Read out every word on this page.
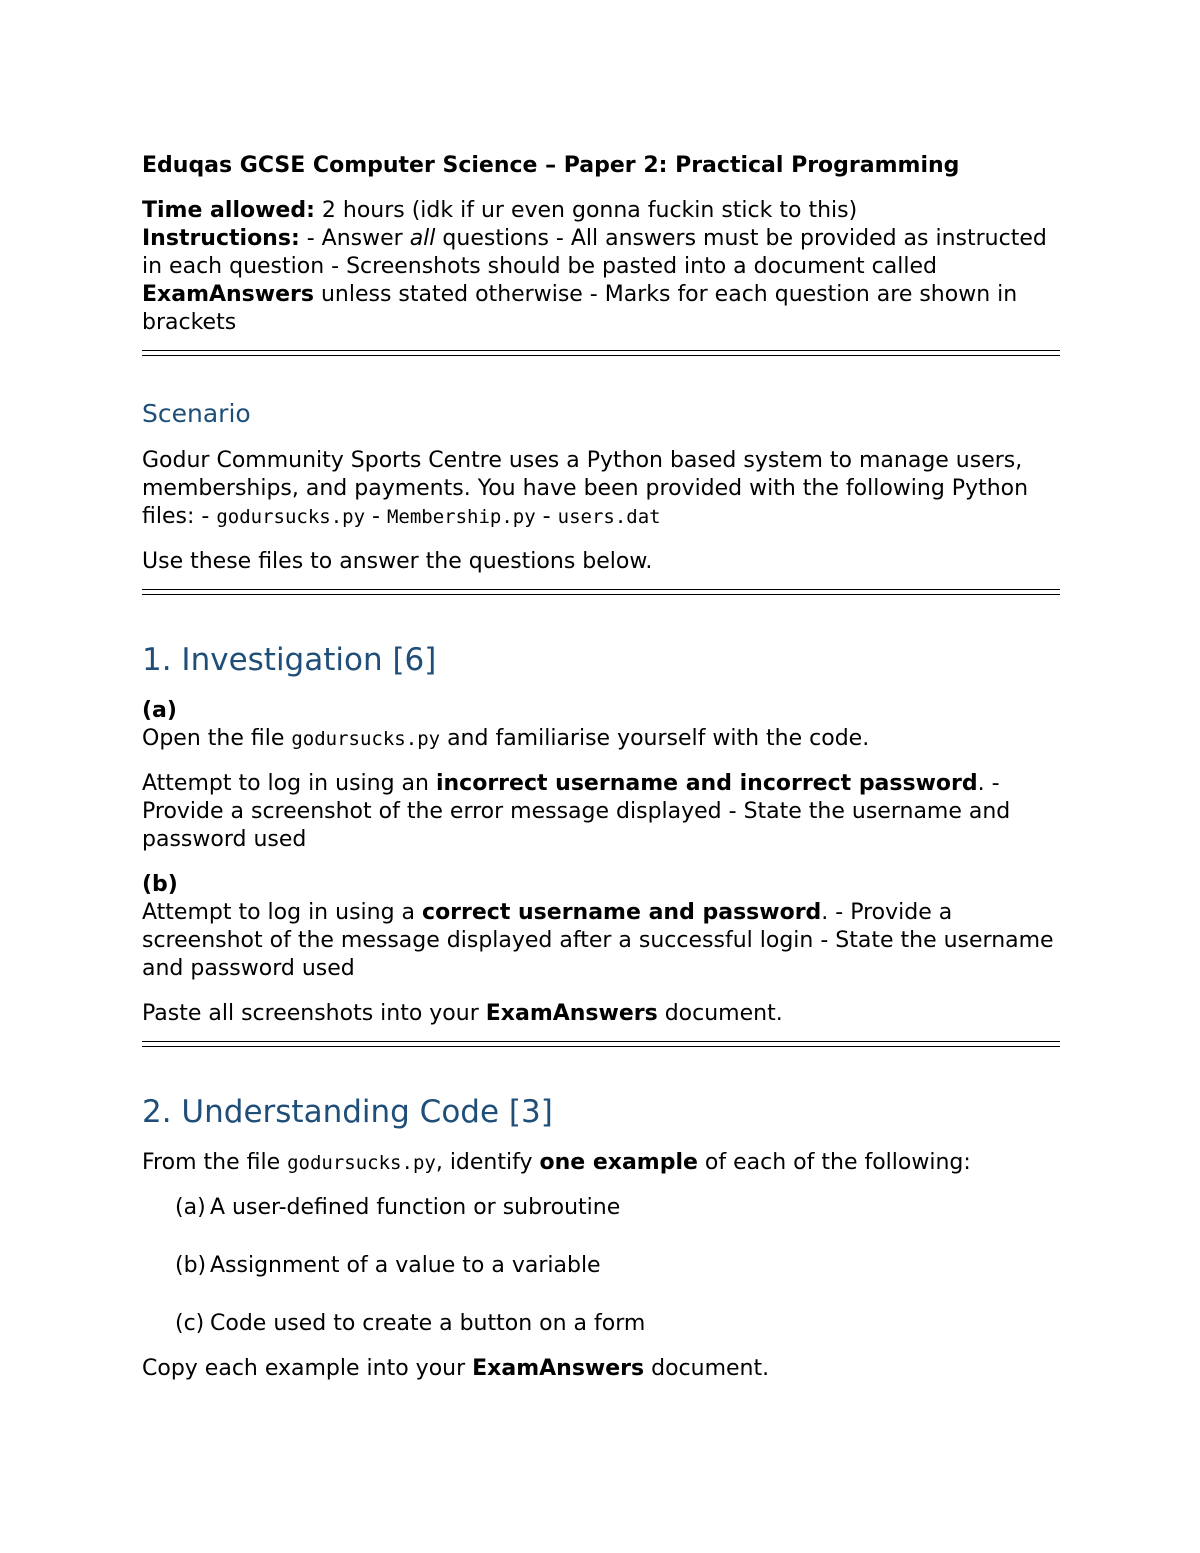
Eduqas GCSE Computer Science – Paper 2: Practical Programming

Time allowed: 2 hours (idk if ur even gonna fuckin stick to this)
Instructions: - Answer all questions - All answers must be provided as instructed in each question - Screenshots should be pasted into a document called ExamAnswers unless stated otherwise - Marks for each question are shown in brackets

Scenario

Godur Community Sports Centre uses a Python based system to manage users, memberships, and payments. You have been provided with the following Python files: - godursucks.py - Membership.py - users.dat

Use these files to answer the questions below.

1. Investigation [6]

(a)
Open the file godursucks.py and familiarise yourself with the code.

Attempt to log in using an incorrect username and incorrect password. - Provide a screenshot of the error message displayed - State the username and password used

(b)
Attempt to log in using a correct username and password. - Provide a screenshot of the message displayed after a successful login - State the username and password used

Paste all screenshots into your ExamAnswers document.

2. Understanding Code [3]

From the file godursucks.py, identify one example of each of the following:

(a) A user-defined function or subroutine
(b) Assignment of a value to a variable
(c) Code used to create a button on a form

Copy each example into your ExamAnswers document.
